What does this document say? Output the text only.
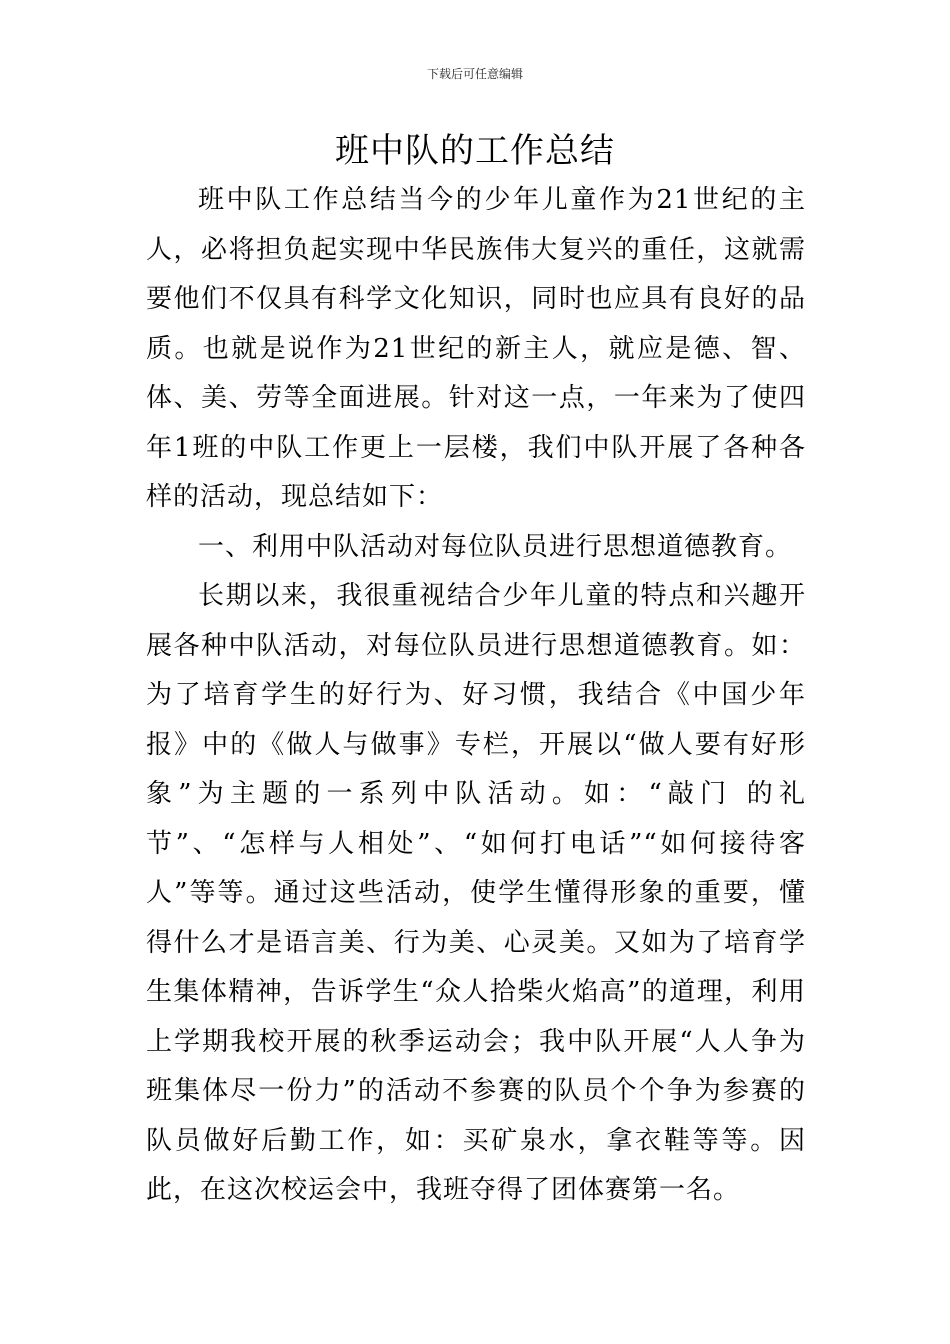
下载后可任意编辑
班中队的工作总结

班中队工作总结当今的少年儿童作为21世纪的主人，必将担负起实现中华民族伟大复兴的重任，这就需要他们不仅具有科学文化知识，同时也应具有良好的品质。也就是说作为21世纪的新主人，就应是德、智、体、美、劳等全面进展。针对这一点，一年来为了使四年1班的中队工作更上一层楼，我们中队开展了各种各样的活动，现总结如下：

一、利用中队活动对每位队员进行思想道德教育。

长期以来，我很重视结合少年儿童的特点和兴趣开展各种中队活动，对每位队员进行思想道德教育。如：为了培育学生的好行为、好习惯，我结合《中国少年报》中的《做人与做事》专栏，开展以“做人要有好形象”为主题的一系列中队活动。如：“敲门 的礼节”、“怎样与人相处”、“如何打电话”“如何接待客人”等等。通过这些活动，使学生懂得形象的重要，懂得什么才是语言美、行为美、心灵美。又如为了培育学生集体精神，告诉学生“众人拾柴火焰高”的道理，利用上学期我校开展的秋季运动会；我中队开展“人人争为班集体尽一份力”的活动不参赛的队员个个争为参赛的队员做好后勤工作，如：买矿泉水，拿衣鞋等等。因此，在这次校运会中，我班夺得了团体赛第一名。
